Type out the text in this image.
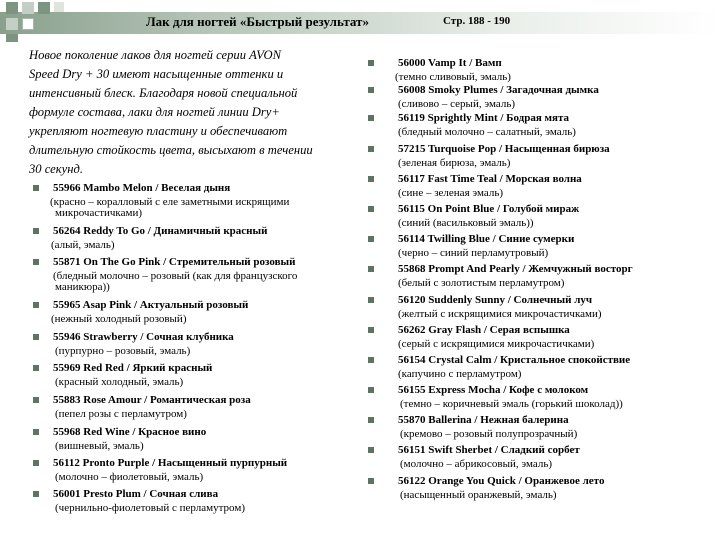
Лак для ногтей «Быстрый результат»	Стр. 188 - 190
Новое поколение лаков для ногтей серии AVON
Speed Dry + 30 имеют насыщенные оттенки и
интенсивный блеск. Благодаря новой специальной
формуле состава, лаки для ногтей линии Dry+
укрепляют ногтевую пластину и обеспечивают
длительную стойкость цвета, высыхают в течении
30 секунд.
55966 Mambo Melon / Веселая дыня
(красно – коралловый с еле заметными искрящими
микрочастичками)
56264 Reddy To Go / Динамичный красный
(алый, эмаль)
55871 On The Go Pink / Стремительный розовый
(бледный молочно – розовый (как для французского
маникюра))
55965 Asap Pink / Актуальный розовый
(нежный холодный розовый)
55946 Strawberry / Сочная клубника
(пурпурно – розовый, эмаль)
55969 Red Red / Яркий красный
(красный холодный, эмаль)
55883 Rose Amour / Романтическая роза
(пепел розы с перламутром)
55968 Red Wine / Красное вино
(вишневый, эмаль)
56112 Pronto Purple / Насыщенный пурпурный
(молочно – фиолетовый, эмаль)
56001 Presto Plum / Сочная слива
(чернильно-фиолетовый с перламутром)
56000 Vamp It / Вамп
(темно сливовый, эмаль)
56008 Smoky Plumes / Загадочная дымка
(сливово – серый, эмаль)
56119 Sprightly Mint / Бодрая мята
(бледный молочно – салатный, эмаль)
57215 Turquoise Pop / Насыщенная бирюза
(зеленая бирюза, эмаль)
56117 Fast Time Teal / Морская волна
(сине – зеленая эмаль)
56115 On Point Blue / Голубой мираж
(синий (васильковый эмаль))
56114 Twilling Blue / Синие сумерки
(черно – синий перламутровый)
55868 Prompt And Pearly / Жемчужный восторг
(белый с золотистым перламутром)
56120 Suddenly Sunny / Солнечный луч
(желтый с искрящимися микрочастичками)
56262 Gray Flash / Серая вспышка
(серый с искрящимися микрочастичками)
56154 Crystal Calm / Кристальное спокойствие
(капучино с перламутром)
56155 Express Mocha / Кофе с молоком
(темно – коричневый эмаль (горький шоколад))
55870 Ballerina / Нежная балерина
(кремово – розовый полупрозрачный)
56151 Swift Sherbet / Сладкий сорбет
(молочно – абрикосовый, эмаль)
56122 Orange You Quick / Оранжевое лето
(насыщенный оранжевый, эмаль)
